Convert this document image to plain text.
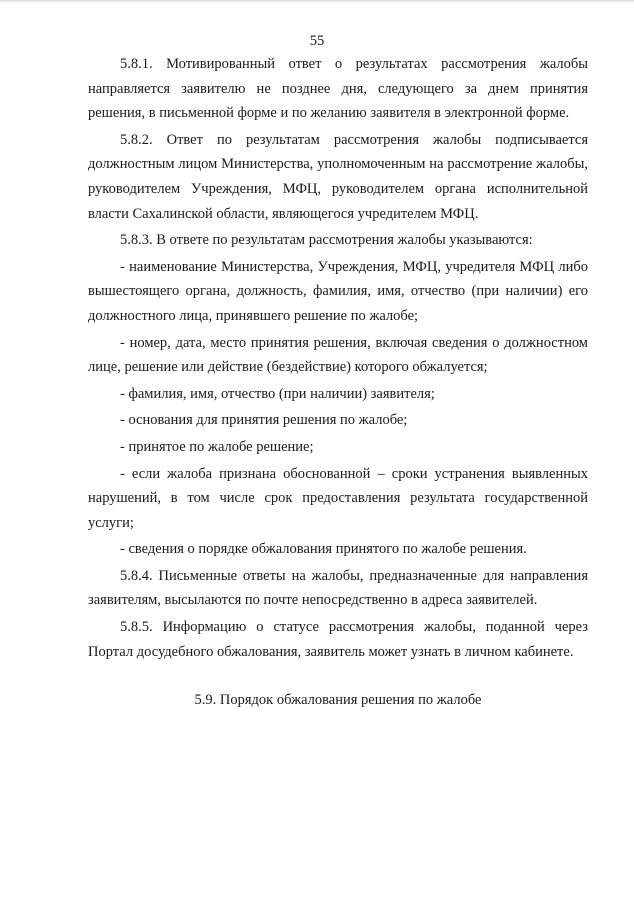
55

5.8.1. Мотивированный ответ о результатах рассмотрения жалобы направляется заявителю не позднее дня, следующего за днем принятия решения, в письменной форме и по желанию заявителя в электронной форме.

5.8.2. Ответ по результатам рассмотрения жалобы подписывается должностным лицом Министерства, уполномоченным на рассмотрение жалобы, руководителем Учреждения, МФЦ, руководителем органа исполнительной власти Сахалинской области, являющегося учредителем МФЦ.

5.8.3. В ответе по результатам рассмотрения жалобы указываются:

- наименование Министерства, Учреждения, МФЦ, учредителя МФЦ либо вышестоящего органа, должность, фамилия, имя, отчество (при наличии) его должностного лица, принявшего решение по жалобе;

- номер, дата, место принятия решения, включая сведения о должностном лице, решение или действие (бездействие) которого обжалуется;

- фамилия, имя, отчество (при наличии) заявителя;

- основания для принятия решения по жалобе;

- принятое по жалобе решение;

- если жалоба признана обоснованной – сроки устранения выявленных нарушений, в том числе срок предоставления результата государственной услуги;

- сведения о порядке обжалования принятого по жалобе решения.

5.8.4. Письменные ответы на жалобы, предназначенные для направления заявителям, высылаются по почте непосредственно в адреса заявителей.

5.8.5. Информацию о статусе рассмотрения жалобы, поданной через Портал досудебного обжалования, заявитель может узнать в личном кабинете.

5.9. Порядок обжалования решения по жалобе
